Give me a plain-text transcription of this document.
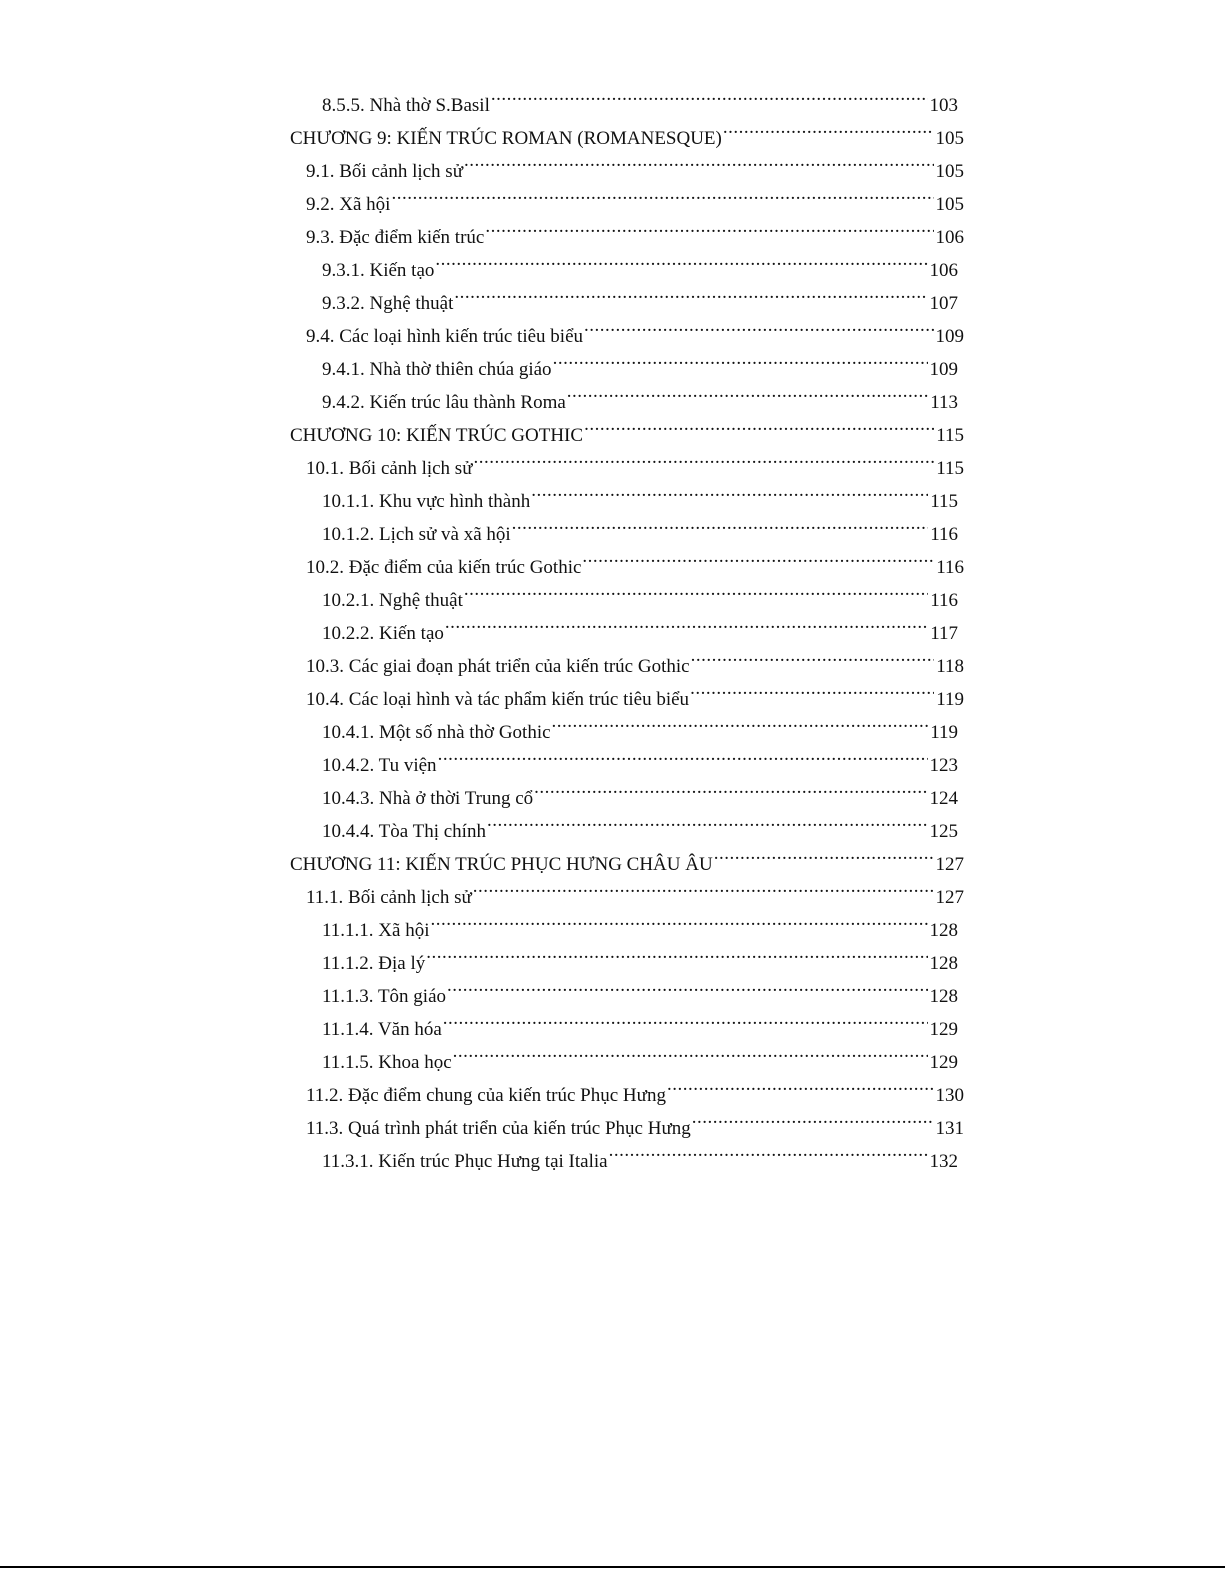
8.5.5. Nhà thờ S.Basil .....	103
CHƯƠNG 9: KIẾN TRÚC ROMAN (ROMANESQUE) .....	105
9.1. Bối cảnh lịch sử .....	105
9.2. Xã hội .....	105
9.3. Đặc điểm kiến trúc .....	106
9.3.1. Kiến tạo .....	106
9.3.2. Nghệ thuật .....	107
9.4. Các loại hình kiến trúc tiêu biểu .....	109
9.4.1. Nhà thờ thiên chúa giáo .....	109
9.4.2. Kiến trúc lâu thành Roma .....	113
CHƯƠNG 10: KIẾN TRÚC GOTHIC .....	115
10.1. Bối cảnh lịch sử .....	115
10.1.1. Khu vực hình thành .....	115
10.1.2. Lịch sử và xã hội .....	116
10.2. Đặc điểm của kiến trúc Gothic .....	116
10.2.1. Nghệ thuật .....	116
10.2.2. Kiến tạo .....	117
10.3. Các giai đoạn phát triển của kiến trúc Gothic .....	118
10.4. Các loại hình và tác phẩm kiến trúc tiêu biểu .....	119
10.4.1. Một số nhà thờ Gothic .....	119
10.4.2. Tu viện .....	123
10.4.3. Nhà ở thời Trung cổ .....	124
10.4.4. Tòa Thị chính .....	125
CHƯƠNG 11: KIẾN TRÚC PHỤC HƯNG CHÂU ÂU .....	127
11.1. Bối cảnh lịch sử .....	127
11.1.1. Xã hội .....	128
11.1.2. Địa lý .....	128
11.1.3. Tôn giáo .....	128
11.1.4. Văn hóa .....	129
11.1.5. Khoa học .....	129
11.2. Đặc điểm chung của kiến trúc Phục Hưng .....	130
11.3. Quá trình phát triển của kiến trúc Phục Hưng .....	131
11.3.1. Kiến trúc Phục Hưng tại Italia .....	132
